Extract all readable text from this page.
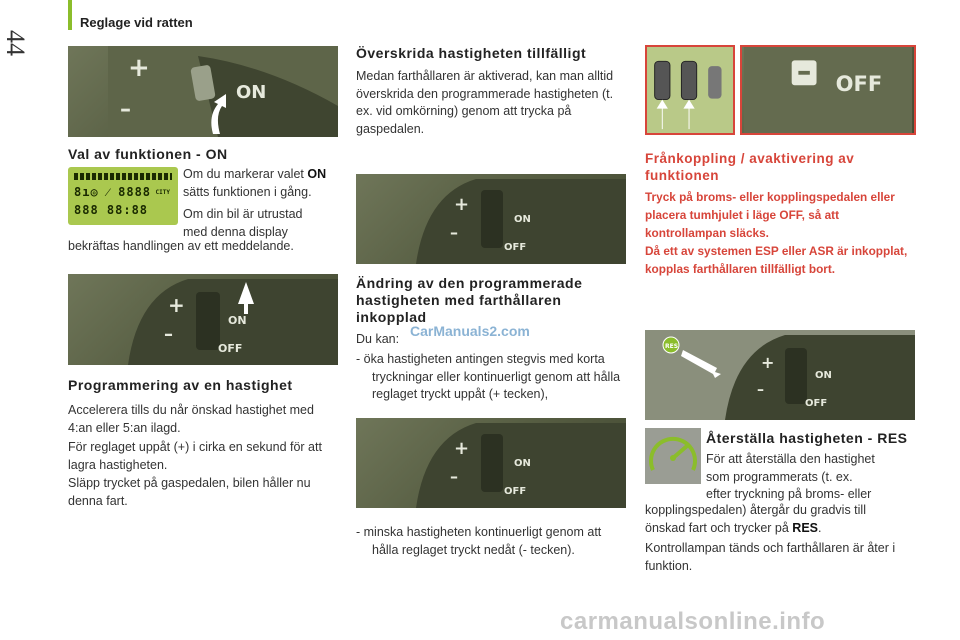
44
Reglage vid ratten
+
–
ON
Val av funktionen - ON
8ı◎ ⁄ 8888 CITY
888 88:88
Om du markerar valet ON
sätts funktionen i gång.
Om din bil är utrustad
med denna display
bekräftas handlingen av ett meddelande.
+
–
ON
OFF
Programmering av en hastighet
Accelerera tills du når önskad hastighet med 4:an eller 5:an ilagd.
För reglaget uppåt (+) i cirka en sekund för att lagra hastigheten.
Släpp trycket på gaspedalen, bilen håller nu denna fart.
Överskrida hastigheten tillfälligt
Medan farthållaren är aktiverad, kan man alltid överskrida den programmerade hastigheten (t. ex. vid omkörning) genom att trycka på gaspedalen.
+
–
ON
OFF
Ändring av den programmerade hastigheten med farthållaren inkopplad
Du kan: CarManuals2.com
- öka hastigheten antingen stegvis med korta tryckningar eller kontinuerligt genom att hålla reglaget tryckt uppåt (+ tecken),
+
–
ON
OFF
- minska hastigheten kontinuerligt genom att hålla reglaget tryckt nedåt (- tecken).
OFF
Frånkoppling / avaktivering av funktionen
Tryck på broms- eller kopplingspedalen eller placera tumhjulet i läge OFF, så att kontrollampan släcks.
Då ett av systemen ESP eller ASR är inkopplat, kopplas farthållaren tillfälligt bort.
RES
+
–
ON
OFF
Återställa hastigheten - RES
För att återställa den hastighet
som programmerats (t. ex.
efter tryckning på broms- eller
kopplingspedalen) återgår du gradvis till
önskad fart och trycker på RES.
Kontrollampan tänds och farthållaren är åter i funktion.
carmanualsonline.info
